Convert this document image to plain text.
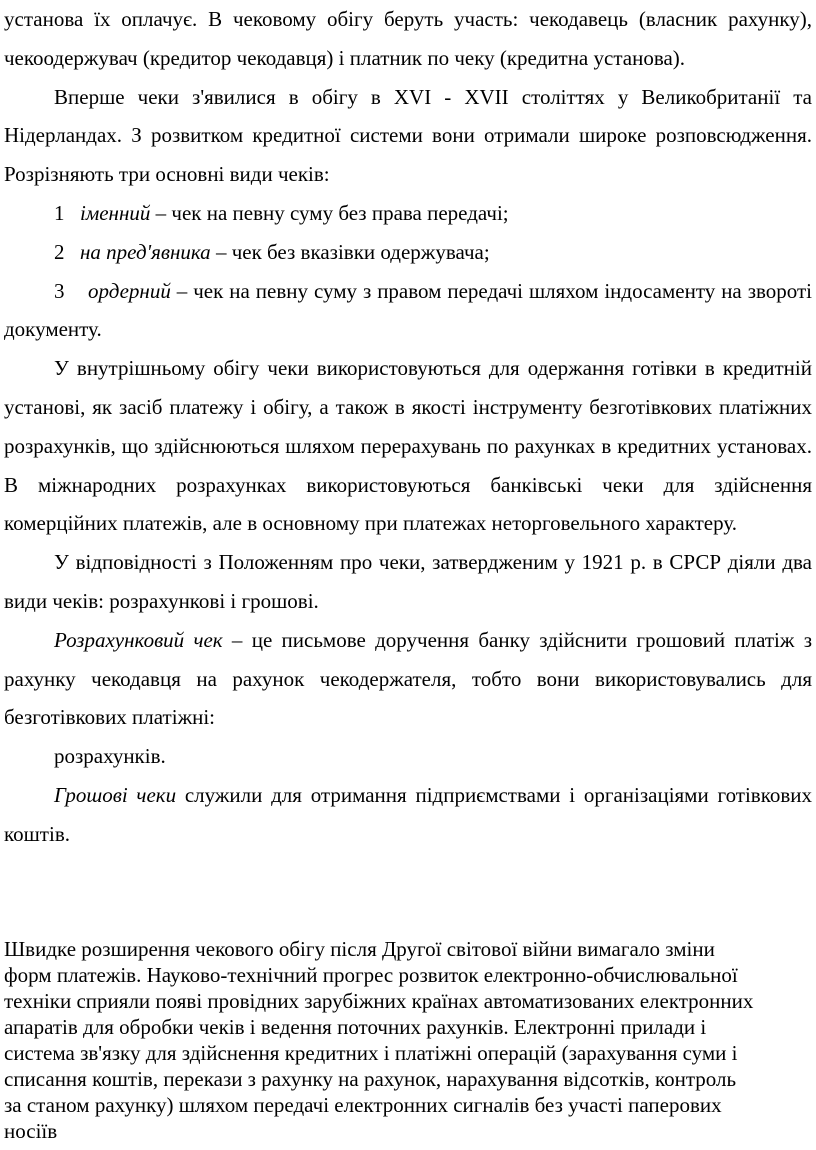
установа їх оплачує. В чековому обігу беруть участь: чекодавець (власник рахунку), чекоодержувач (кредитор чекодавця) і платник по чеку (кредитна установа).

Вперше чеки з'явилися в обігу в XVI - XVII століттях у Великобританії та Нідерландах. З розвитком кредитної системи вони отримали широке розповсюдження. Розрізняють три основні види чеків:

1 іменний – чек на певну суму без права передачі;

2 на пред'явника – чек без вказівки одержувача;

3 ордерний – чек на певну суму з правом передачі шляхом індосаменту на звороті документу.

У внутрішньому обігу чеки використовуються для одержання готівки в кредитній установі, як засіб платежу і обігу, а також в якості інструменту безготівкових платіжних розрахунків, що здійснюються шляхом перерахувань по рахунках в кредитних установах. В міжнародних розрахунках використовуються банківські чеки для здійснення комерційних платежів, але в основному при платежах неторговельного характеру.

У відповідності з Положенням про чеки, затвердженим у 1921 р. в СРСР діяли два види чеків: розрахункові і грошові.

Розрахунковий чек – це письмове доручення банку здійснити грошовий платіж з рахунку чекодавця на рахунок чекодержателя, тобто вони використовувались для безготівкових платіжні:

розрахунків.

Грошові чеки служили для отримання підприємствами і організаціями готівкових коштів.

Швидке розширення чекового обігу після Другої світової війни вимагало зміни

форм платежів. Науково-технічний прогрес розвиток електронно-обчислювальної

техніки сприяли появі провідних зарубіжних країнах автоматизованих електронних

апаратів для обробки чеків і ведення поточних рахунків. Електронні прилади і

система зв'язку для здійснення кредитних і платіжні операцій (зарахування суми і

списання коштів, перекази з рахунку на рахунок, нарахування відсотків, контроль

за станом рахунку) шляхом передачі електронних сигналів без участі паперових

носіїв
